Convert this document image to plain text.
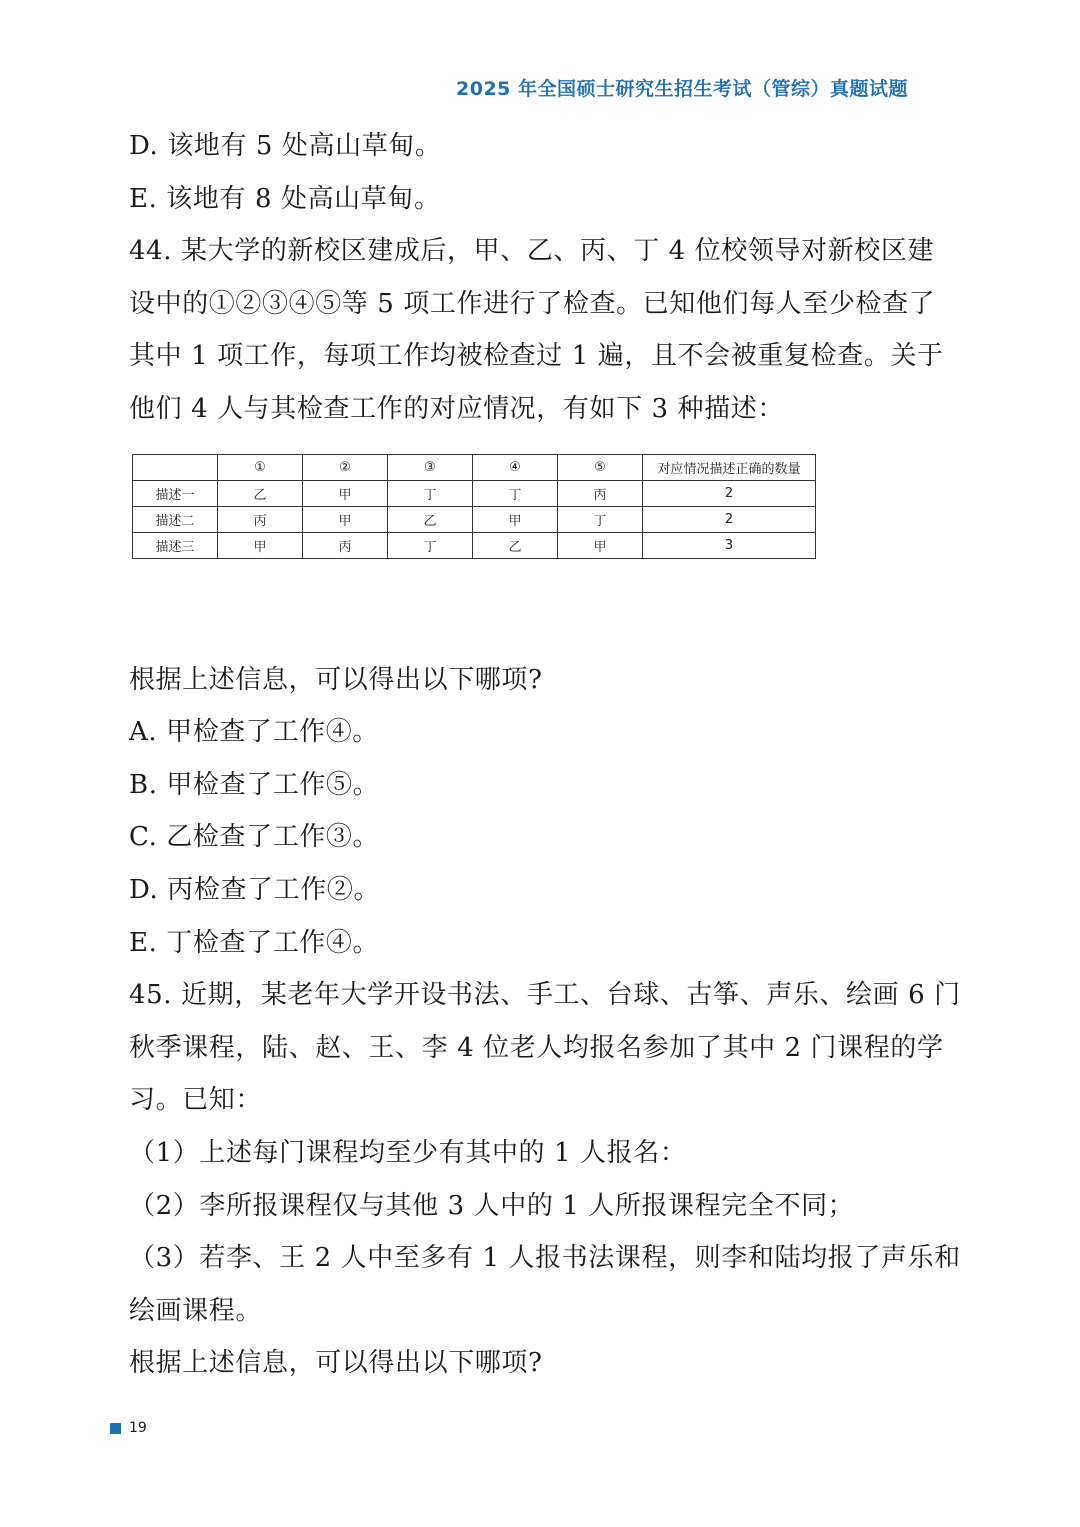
2025 年全国硕士研究生招生考试（管综）真题试题
D. 该地有 5 处高山草甸。
E. 该地有 8 处高山草甸。
44. 某大学的新校区建成后，甲、乙、丙、丁 4 位校领导对新校区建
设中的①②③④⑤等 5 项工作进行了检查。已知他们每人至少检查了
其中 1 项工作，每项工作均被检查过 1 遍，且不会被重复检查。关于
他们 4 人与其检查工作的对应情况，有如下 3 种描述：
	①	②	③	④	⑤	对应情况描述正确的数量
描述一	乙	甲	丁	丁	丙	2
描述二	丙	甲	乙	甲	丁	2
描述三	甲	丙	丁	乙	甲	3
根据上述信息，可以得出以下哪项?
A. 甲检查了工作④。
B. 甲检查了工作⑤。
C. 乙检查了工作③。
D. 丙检查了工作②。
E. 丁检查了工作④。
45. 近期，某老年大学开设书法、手工、台球、古筝、声乐、绘画 6 门
秋季课程，陆、赵、王、李 4 位老人均报名参加了其中 2 门课程的学
习。已知：
（1）上述每门课程均至少有其中的 1 人报名：
（2）李所报课程仅与其他 3 人中的 1 人所报课程完全不同；
（3）若李、王 2 人中至多有 1 人报书法课程，则李和陆均报了声乐和
绘画课程。
根据上述信息，可以得出以下哪项?
19
